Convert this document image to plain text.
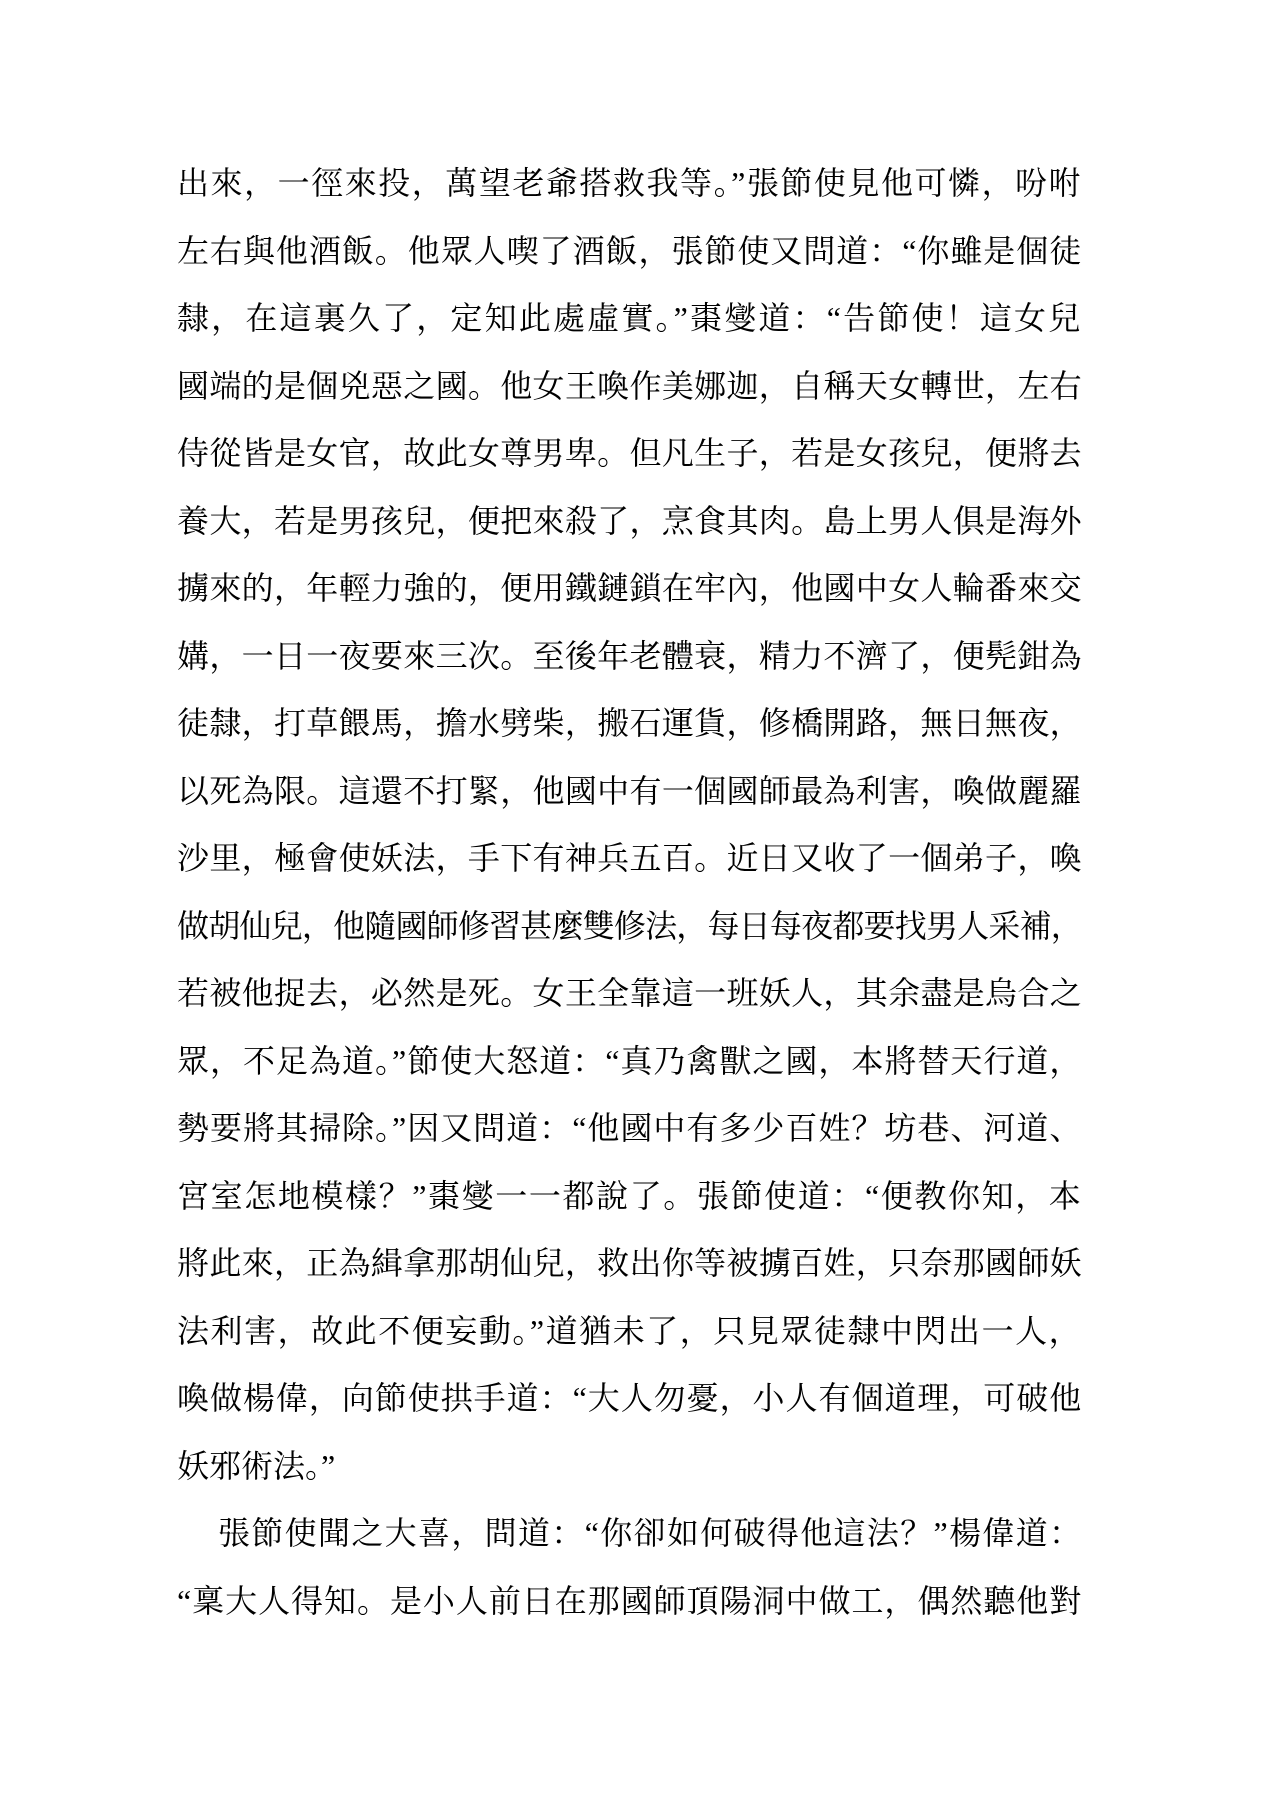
出來，一徑來投，萬望老爺搭救我等。”張節使見他可憐，吩咐
左右與他酒飯。他眾人喫了酒飯，張節使又問道：“你雖是個徒
隸，在這裏久了，定知此處虛實。”棗燮道：“告節使！這女兒
國端的是個兇惡之國。他女王喚作美娜迦，自稱天女轉世，左右
侍從皆是女官，故此女尊男卑。但凡生子，若是女孩兒，便將去
養大，若是男孩兒，便把來殺了，烹食其肉。島上男人俱是海外
擄來的，年輕力強的，便用鐵鏈鎖在牢內，他國中女人輪番來交
媾，一日一夜要來三次。至後年老體衰，精力不濟了，便髡鉗為
徒隸，打草餵馬，擔水劈柴，搬石運貨，修橋開路，無日無夜，
以死為限。這還不打緊，他國中有一個國師最為利害，喚做麗羅
沙里，極會使妖法，手下有神兵五百。近日又收了一個弟子，喚
做胡仙兒，他隨國師修習甚麼雙修法，每日每夜都要找男人采補，
若被他捉去，必然是死。女王全靠這一班妖人，其余盡是烏合之
眾，不足為道。”節使大怒道：“真乃禽獸之國，本將替天行道，
勢要將其掃除。”因又問道：“他國中有多少百姓？坊巷、河道、
宮室怎地模樣？”棗燮一一都說了。張節使道：“便教你知，本
將此來，正為緝拿那胡仙兒，救出你等被擄百姓，只奈那國師妖
法利害，故此不便妄動。”道猶未了，只見眾徒隸中閃出一人，
喚做楊偉，向節使拱手道：“大人勿憂，小人有個道理，可破他
妖邪術法。”
張節使聞之大喜，問道：“你卻如何破得他這法？”楊偉道：
“稟大人得知。是小人前日在那國師頂陽洞中做工，偶然聽他對
